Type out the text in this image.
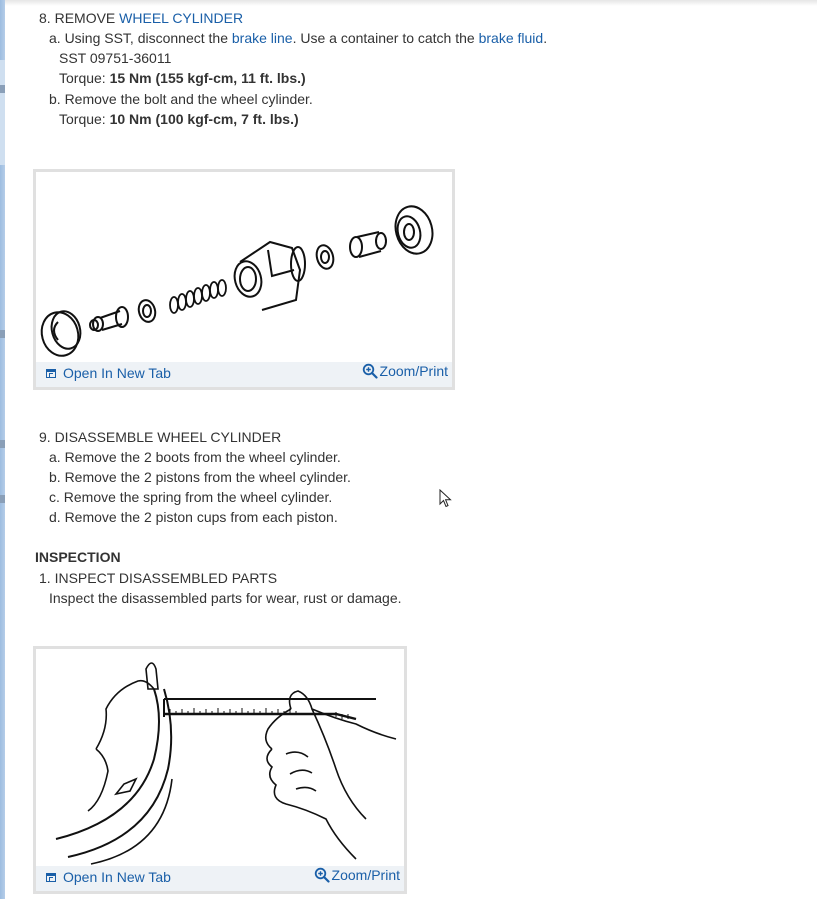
8. REMOVE WHEEL CYLINDER
a. Using SST, disconnect the brake line. Use a container to catch the brake fluid.
SST 09751-36011
Torque: 15 Nm (155 kgf-cm, 11 ft. lbs.)
b. Remove the bolt and the wheel cylinder.
Torque: 10 Nm (100 kgf-cm, 7 ft. lbs.)
Open In New Tab	Zoom/Print
9. DISASSEMBLE WHEEL CYLINDER
a. Remove the 2 boots from the wheel cylinder.
b. Remove the 2 pistons from the wheel cylinder.
c. Remove the spring from the wheel cylinder.
d. Remove the 2 piston cups from each piston.
INSPECTION
1. INSPECT DISASSEMBLED PARTS
Inspect the disassembled parts for wear, rust or damage.
Open In New Tab	Zoom/Print
